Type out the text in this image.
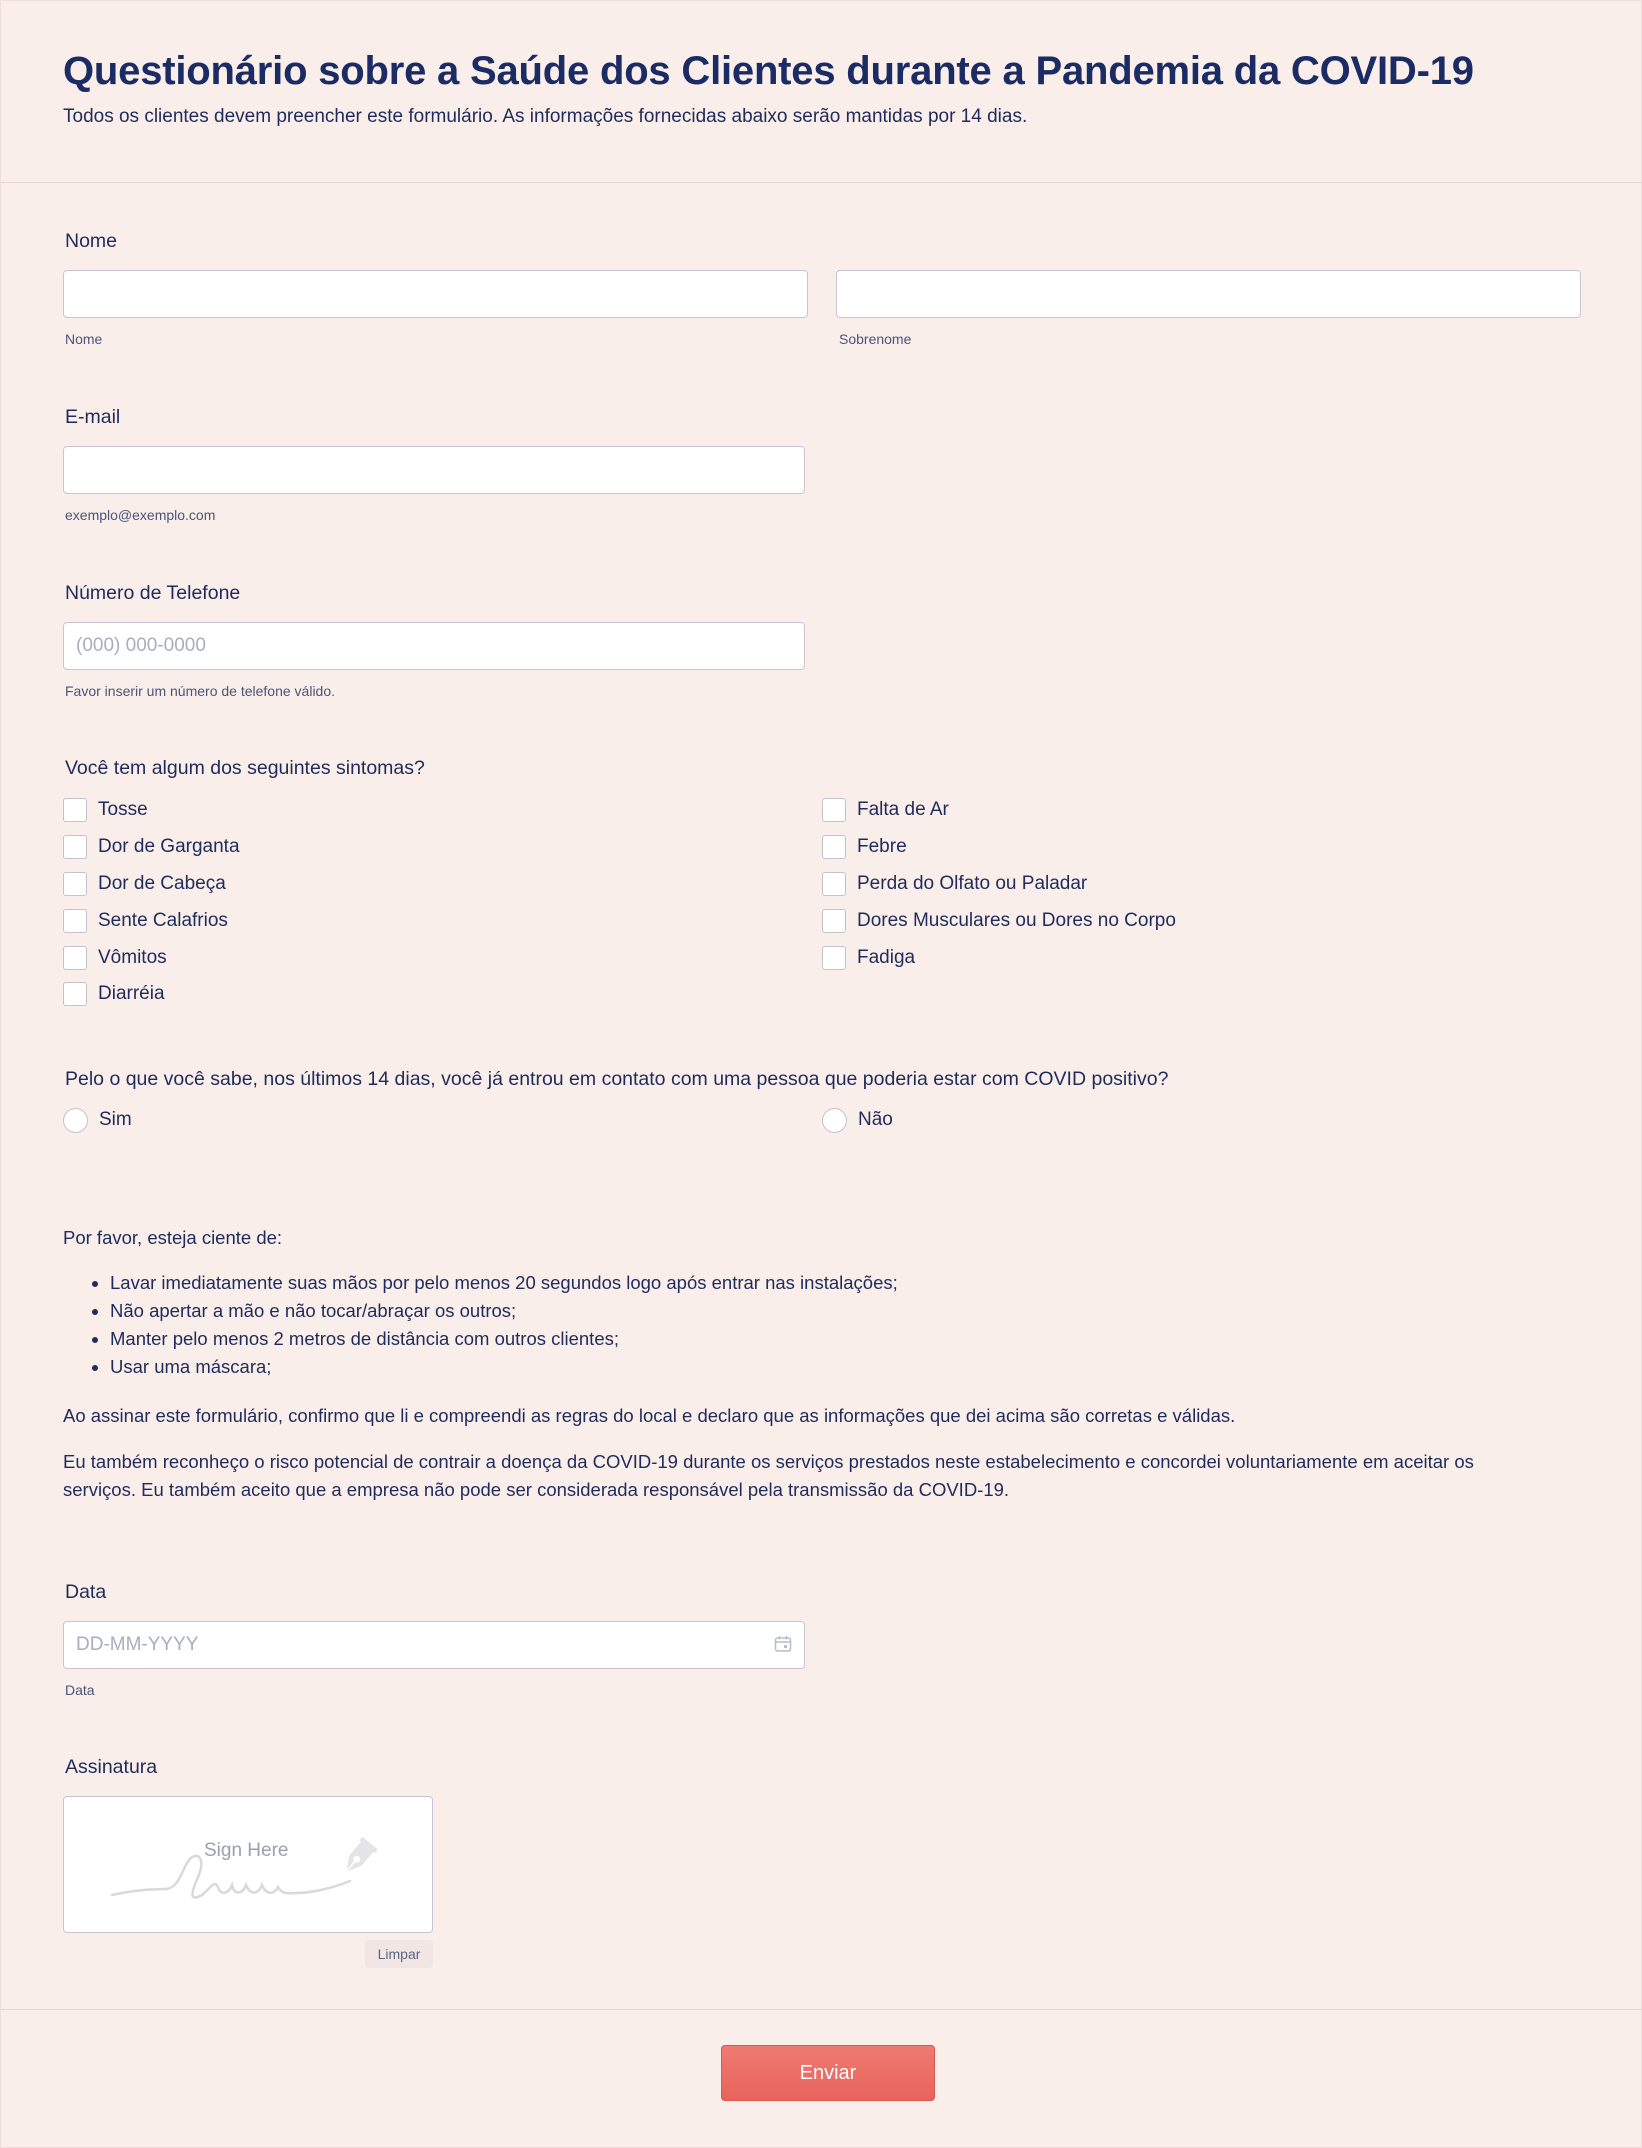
Questionário sobre a Saúde dos Clientes durante a Pandemia da COVID-19
Todos os clientes devem preencher este formulário. As informações fornecidas abaixo serão mantidas por 14 dias.
Nome
Nome	Sobrenome
E-mail
exemplo@exemplo.com
Número de Telefone
(000) 000-0000
Favor inserir um número de telefone válido.
Você tem algum dos seguintes sintomas?
Tosse
Dor de Garganta
Dor de Cabeça
Sente Calafrios
Vômitos
Diarréia
Falta de Ar
Febre
Perda do Olfato ou Paladar
Dores Musculares ou Dores no Corpo
Fadiga
Pelo o que você sabe, nos últimos 14 dias, você já entrou em contato com uma pessoa que poderia estar com COVID positivo?
Sim	Não
Por favor, esteja ciente de:
• Lavar imediatamente suas mãos por pelo menos 20 segundos logo após entrar nas instalações;
• Não apertar a mão e não tocar/abraçar os outros;
• Manter pelo menos 2 metros de distância com outros clientes;
• Usar uma máscara;
Ao assinar este formulário, confirmo que li e compreendi as regras do local e declaro que as informações que dei acima são corretas e válidas.
Eu também reconheço o risco potencial de contrair a doença da COVID-19 durante os serviços prestados neste estabelecimento e concordei voluntariamente em aceitar os
serviços. Eu também aceito que a empresa não pode ser considerada responsável pela transmissão da COVID-19.
Data
DD-MM-YYYY
Data
Assinatura
Sign Here
Limpar
Enviar
